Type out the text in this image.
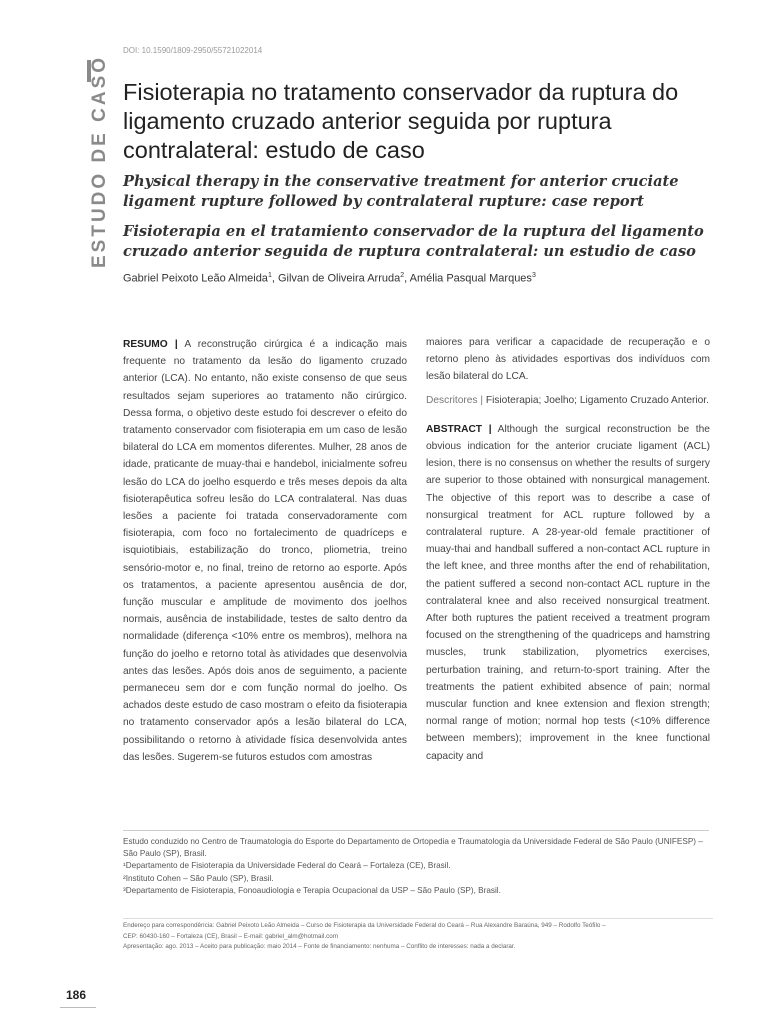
ESTUDO DE CASO
DOI: 10.1590/1809-2950/55721022014
Fisioterapia no tratamento conservador da ruptura do ligamento cruzado anterior seguida por ruptura contralateral: estudo de caso
Physical therapy in the conservative treatment for anterior cruciate ligament rupture followed by contralateral rupture: case report
Fisioterapia en el tratamiento conservador de la ruptura del ligamento cruzado anterior seguida de ruptura contralateral: un estudio de caso
Gabriel Peixoto Leão Almeida$^1$, Gilvan de Oliveira Arruda$^2$, Amélia Pasqual Marques$^3$

RESUMO | A reconstrução cirúrgica é a indicação mais frequente no tratamento da lesão do ligamento cruzado anterior (LCA). No entanto, não existe consenso de que seus resultados sejam superiores ao tratamento não cirúrgico. Dessa forma, o objetivo deste estudo foi descrever o efeito do tratamento conservador com fisioterapia em um caso de lesão bilateral do LCA em momentos diferentes. Mulher, 28 anos de idade, praticante de muay-thai e handebol, inicialmente sofreu lesão do LCA do joelho esquerdo e três meses depois da alta fisioterapêutica sofreu lesão do LCA contralateral. Nas duas lesões a paciente foi tratada conservadoramente com fisioterapia, com foco no fortalecimento de quadríceps e isquiotibiais, estabilização do tronco, pliometria, treino sensório-motor e, no final, treino de retorno ao esporte. Após os tratamentos, a paciente apresentou ausência de dor, função muscular e amplitude de movimento dos joelhos normais, ausência de instabilidade, testes de salto dentro da normalidade (diferença <10% entre os membros), melhora na função do joelho e retorno total às atividades que desenvolvia antes das lesões. Após dois anos de seguimento, a paciente permaneceu sem dor e com função normal do joelho. Os achados deste estudo de caso mostram o efeito da fisioterapia no tratamento conservador após a lesão bilateral do LCA, possibilitando o retorno à atividade física desenvolvida antes das lesões. Sugerem-se futuros estudos com amostras

maiores para verificar a capacidade de recuperação e o retorno pleno às atividades esportivas dos indivíduos com lesão bilateral do LCA.

Descritores | Fisioterapia; Joelho; Ligamento Cruzado Anterior.

ABSTRACT | Although the surgical reconstruction be the obvious indication for the anterior cruciate ligament (ACL) lesion, there is no consensus on whether the results of surgery are superior to those obtained with nonsurgical management. The objective of this report was to describe a case of nonsurgical treatment for ACL rupture followed by a contralateral rupture. A 28-year-old female practitioner of muay-thai and handball suffered a non-contact ACL rupture in the left knee, and three months after the end of rehabilitation, the patient suffered a second non-contact ACL rupture in the contralateral knee and also received nonsurgical treatment. After both ruptures the patient received a treatment program focused on the strengthening of the quadriceps and hamstring muscles, trunk stabilization, plyometrics exercises, perturbation training, and return-to-sport training. After the treatments the patient exhibited absence of pain; normal muscular function and knee extension and flexion strength; normal range of motion; normal hop tests (<10% difference between members); improvement in the knee functional capacity and

Estudo conduzido no Centro de Traumatologia do Esporte do Departamento de Ortopedia e Traumatologia da Universidade Federal de São Paulo (UNIFESP) – São Paulo (SP), Brasil.
¹Departamento de Fisioterapia da Universidade Federal do Ceará – Fortaleza (CE), Brasil.
²Instituto Cohen – São Paulo (SP), Brasil.
³Departamento de Fisioterapia, Fonoaudiologia e Terapia Ocupacional da USP – São Paulo (SP), Brasil.
Endereço para correspondência: Gabriel Peixoto Leão Almeida – Curso de Fisioterapia da Universidade Federal do Ceará – Rua Alexandre Baraúna, 949 – Rodolfo Teófilo –
CEP: 60430-160 – Fortaleza (CE), Brasil – E-mail: gabriel_alm@hotmail.com
Apresentação: ago. 2013 – Aceito para publicação: maio 2014 – Fonte de financiamento: nenhuma – Conflito de interesses: nada a declarar.
186
